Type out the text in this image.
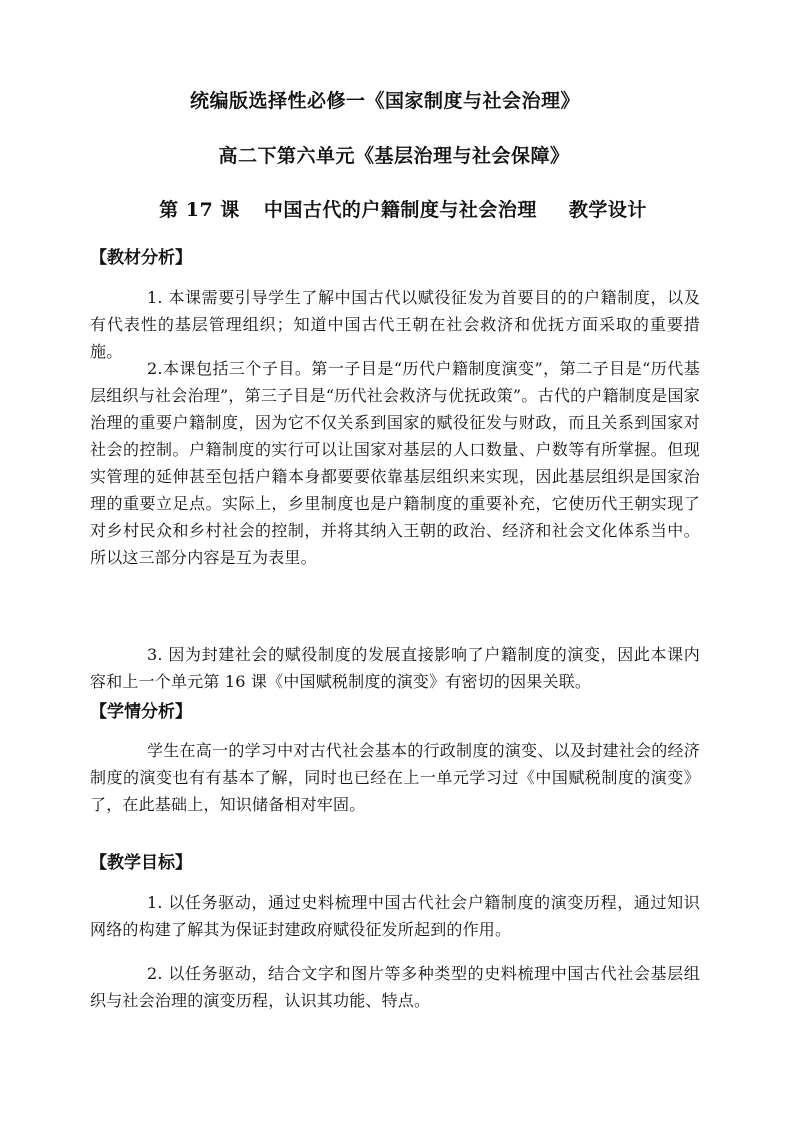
统编版选择性必修一《国家制度与社会治理》
高二下第六单元《基层治理与社会保障》
第 17 课 中国古代的户籍制度与社会治理 教学设计
【教材分析】
1. 本课需要引导学生了解中国古代以赋役征发为首要目的的户籍制度，以及有代表性的基层管理组织；知道中国古代王朝在社会救济和优抚方面采取的重要措施。
2.本课包括三个子目。第一子目是“历代户籍制度演变”，第二子目是“历代基层组织与社会治理”，第三子目是“历代社会救济与优抚政策”。古代的户籍制度是国家治理的重要户籍制度，因为它不仅关系到国家的赋役征发与财政，而且关系到国家对社会的控制。户籍制度的实行可以让国家对基层的人口数量、户数等有所掌握。但现实管理的延伸甚至包括户籍本身都要要依靠基层组织来实现，因此基层组织是国家治理的重要立足点。实际上，乡里制度也是户籍制度的重要补充，它使历代王朝实现了对乡村民众和乡村社会的控制，并将其纳入王朝的政治、经济和社会文化体系当中。所以这三部分内容是互为表里。
3. 因为封建社会的赋役制度的发展直接影响了户籍制度的演变，因此本课内容和上一个单元第 16 课《中国赋税制度的演变》有密切的因果关联。
【学情分析】
学生在高一的学习中对古代社会基本的行政制度的演变、以及封建社会的经济制度的演变也有有基本了解，同时也已经在上一单元学习过《中国赋税制度的演变》了，在此基础上，知识储备相对牢固。
【教学目标】
1. 以任务驱动，通过史料梳理中国古代社会户籍制度的演变历程，通过知识网络的构建了解其为保证封建政府赋役征发所起到的作用。
2. 以任务驱动，结合文字和图片等多种类型的史料梳理中国古代社会基层组织与社会治理的演变历程，认识其功能、特点。
